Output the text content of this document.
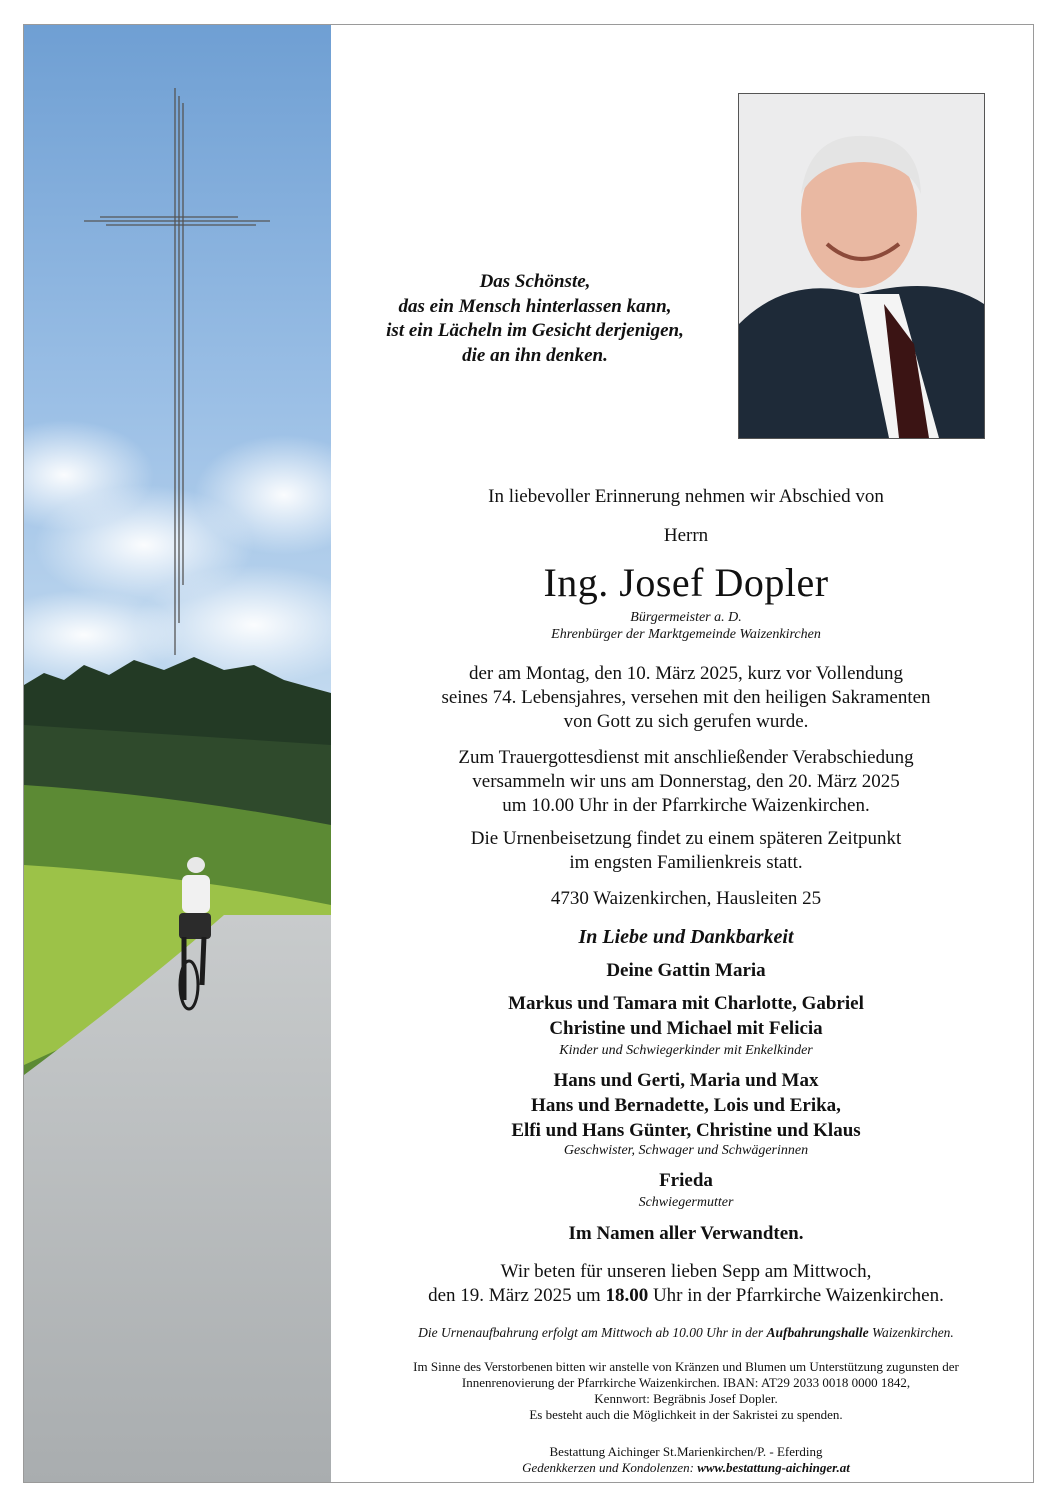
Das Schönste,
das ein Mensch hinterlassen kann,
ist ein Lächeln im Gesicht derjenigen,
die an ihn denken.
In liebevoller Erinnerung nehmen wir Abschied von
Herrn
Ing. Josef Dopler
Bürgermeister a. D.
Ehrenbürger der Marktgemeinde Waizenkirchen
der am Montag, den 10. März 2025, kurz vor Vollendung
seines 74. Lebensjahres, versehen mit den heiligen Sakramenten
von Gott zu sich gerufen wurde.
Zum Trauergottesdienst mit anschließender Verabschiedung
versammeln wir uns am Donnerstag, den 20. März 2025
um 10.00 Uhr in der Pfarrkirche Waizenkirchen.
Die Urnenbeisetzung findet zu einem späteren Zeitpunkt
im engsten Familienkreis statt.
4730 Waizenkirchen, Hausleiten 25
In Liebe und Dankbarkeit
Deine Gattin Maria
Markus und Tamara mit Charlotte, Gabriel
Christine und Michael mit Felicia
Kinder und Schwiegerkinder mit Enkelkinder
Hans und Gerti, Maria und Max
Hans und Bernadette, Lois und Erika,
Elfi und Hans Günter, Christine und Klaus
Geschwister, Schwager und Schwägerinnen
Frieda
Schwiegermutter
Im Namen aller Verwandten.
Wir beten für unseren lieben Sepp am Mittwoch,
den 19. März 2025 um 18.00 Uhr in der Pfarrkirche Waizenkirchen.
Die Urnenaufbahrung erfolgt am Mittwoch ab 10.00 Uhr in der Aufbahrungshalle Waizenkirchen.
Im Sinne des Verstorbenen bitten wir anstelle von Kränzen und Blumen um Unterstützung zugunsten der
Innenrenovierung der Pfarrkirche Waizenkirchen. IBAN: AT29 2033 0018 0000 1842,
Kennwort: Begräbnis Josef Dopler.
Es besteht auch die Möglichkeit in der Sakristei zu spenden.
Bestattung Aichinger St.Marienkirchen/P. - Eferding
Gedenkkerzen und Kondolenzen: www.bestattung-aichinger.at
